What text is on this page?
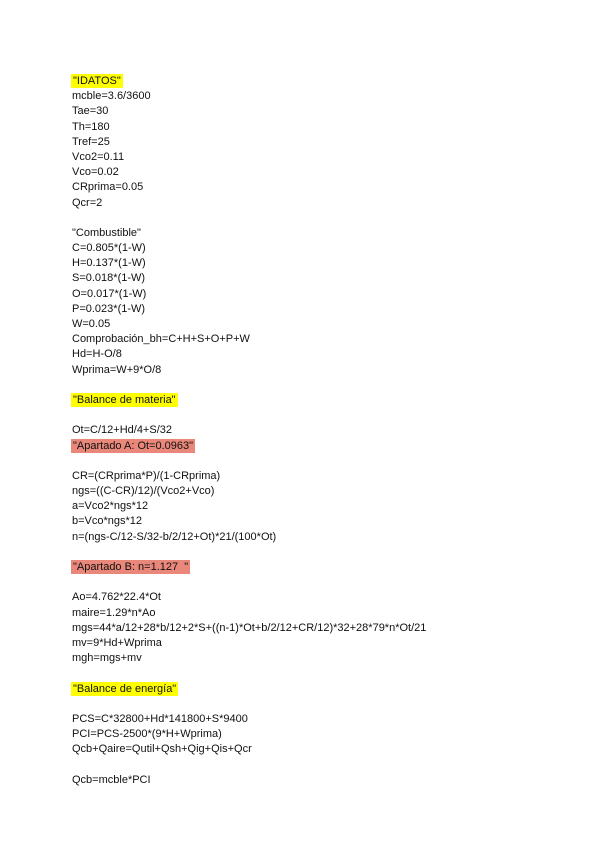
"IDATOS"
mcble=3.6/3600
Tae=30
Th=180
Tref=25
Vco2=0.11
Vco=0.02
CRprima=0.05
Qcr=2
"Combustible"
C=0.805*(1-W)
H=0.137*(1-W)
S=0.018*(1-W)
O=0.017*(1-W)
P=0.023*(1-W)
W=0.05
Comprobación_bh=C+H+S+O+P+W
Hd=H-O/8
Wprima=W+9*O/8
"Balance de materia"
Ot=C/12+Hd/4+S/32
"Apartado A: Ot=0.0963"
CR=(CRprima*P)/(1-CRprima)
ngs=((C-CR)/12)/(Vco2+Vco)
a=Vco2*ngs*12
b=Vco*ngs*12
n=(ngs-C/12-S/32-b/2/12+Ot)*21/(100*Ot)
"Apartado B: n=1.127  "
Ao=4.762*22.4*Ot
maire=1.29*n*Ao
mgs=44*a/12+28*b/12+2*S+((n-1)*Ot+b/2/12+CR/12)*32+28*79*n*Ot/21
mv=9*Hd+Wprima
mgh=mgs+mv
"Balance de energía"
PCS=C*32800+Hd*141800+S*9400
PCI=PCS-2500*(9*H+Wprima)
Qcb+Qaire=Qutil+Qsh+Qig+Qis+Qcr
Qcb=mcble*PCI
